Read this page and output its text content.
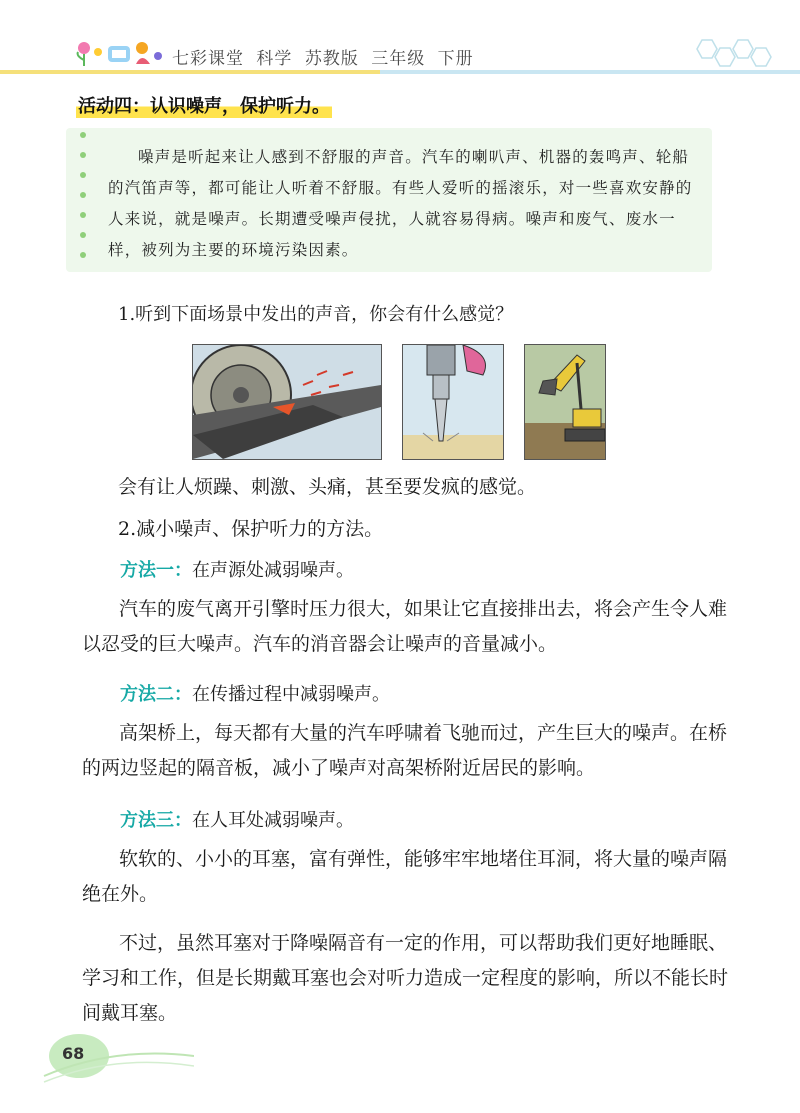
七彩课堂 科学 苏教版 三年级 下册
活动四：认识噪声，保护听力。
噪声是听起来让人感到不舒服的声音。汽车的喇叭声、机器的轰鸣声、轮船的汽笛声等，都可能让人听着不舒服。有些人爱听的摇滚乐，对一些喜欢安静的人来说，就是噪声。长期遭受噪声侵扰，人就容易得病。噪声和废气、废水一样，被列为主要的环境污染因素。
1.听到下面场景中发出的声音，你会有什么感觉？
会有让人烦躁、刺激、头痛，甚至要发疯的感觉。
2.减小噪声、保护听力的方法。
方法一：在声源处减弱噪声。
汽车的废气离开引擎时压力很大，如果让它直接排出去，将会产生令人难以忍受的巨大噪声。汽车的消音器会让噪声的音量减小。
方法二：在传播过程中减弱噪声。
高架桥上，每天都有大量的汽车呼啸着飞驰而过，产生巨大的噪声。在桥的两边竖起的隔音板，减小了噪声对高架桥附近居民的影响。
方法三：在人耳处减弱噪声。
软软的、小小的耳塞，富有弹性，能够牢牢地堵住耳洞，将大量的噪声隔绝在外。
不过，虽然耳塞对于降噪隔音有一定的作用，可以帮助我们更好地睡眠、学习和工作，但是长期戴耳塞也会对听力造成一定程度的影响，所以不能长时间戴耳塞。
68
